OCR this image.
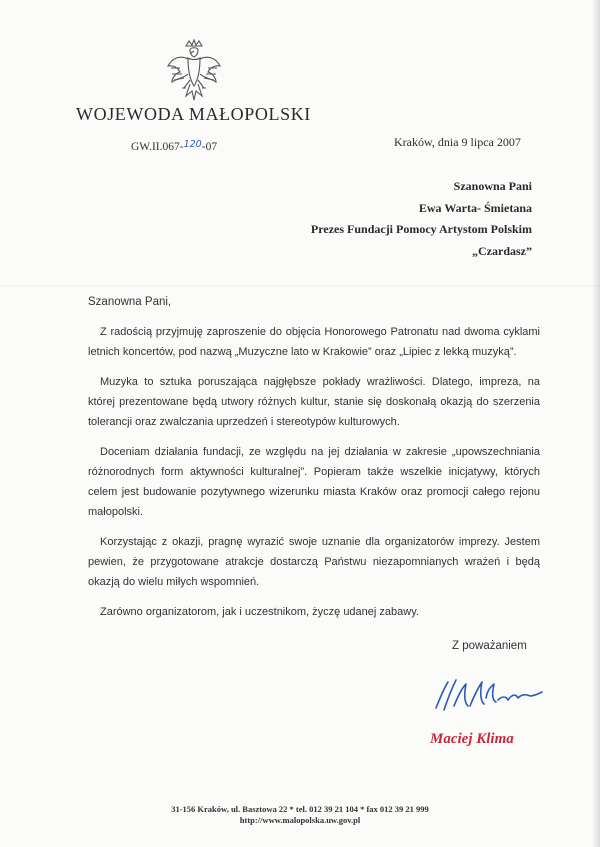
WOJEWODA MAŁOPOLSKI
GW.II.067-$^{120}$-07	Kraków, dnia 9 lipca 2007
Szanowna Pani
Ewa Warta- Śmietana
Prezes Fundacji Pomocy Artystom Polskim
„Czardasz”
Szanowna Pani,

Z radością przyjmuję zaproszenie do objęcia Honorowego Patronatu nad dwoma cyklami letnich koncertów, pod nazwą „Muzyczne lato w Krakowie” oraz „Lipiec z lekką muzyką”.

Muzyka to sztuka poruszająca najgłębsze pokłady wrażliwości. Dlatego, impreza, na której prezentowane będą utwory różnych kultur, stanie się doskonałą okazją do szerzenia tolerancji oraz zwalczania uprzedzeń i stereotypów kulturowych.

Doceniam działania fundacji, ze względu na jej działania w zakresie „upowszechniania różnorodnych form aktywności kulturalnej”. Popieram także wszelkie inicjatywy, których celem jest budowanie pozytywnego wizerunku miasta Kraków oraz promocji całego rejonu małopolski.

Korzystając z okazji, pragnę wyrazić swoje uznanie dla organizatorów imprezy. Jestem pewien, że przygotowane atrakcje dostarczą Państwu niezapomnianych wrażeń i będą okazją do wielu miłych wspomnień.

Zarówno organizatorom, jak i uczestnikom, życzę udanej zabawy.

Z poważaniem
Maciej Klima
31-156 Kraków, ul. Basztowa 22 * tel. 012 39 21 104 * fax 012 39 21 999
http://www.malopolska.uw.gov.pl
